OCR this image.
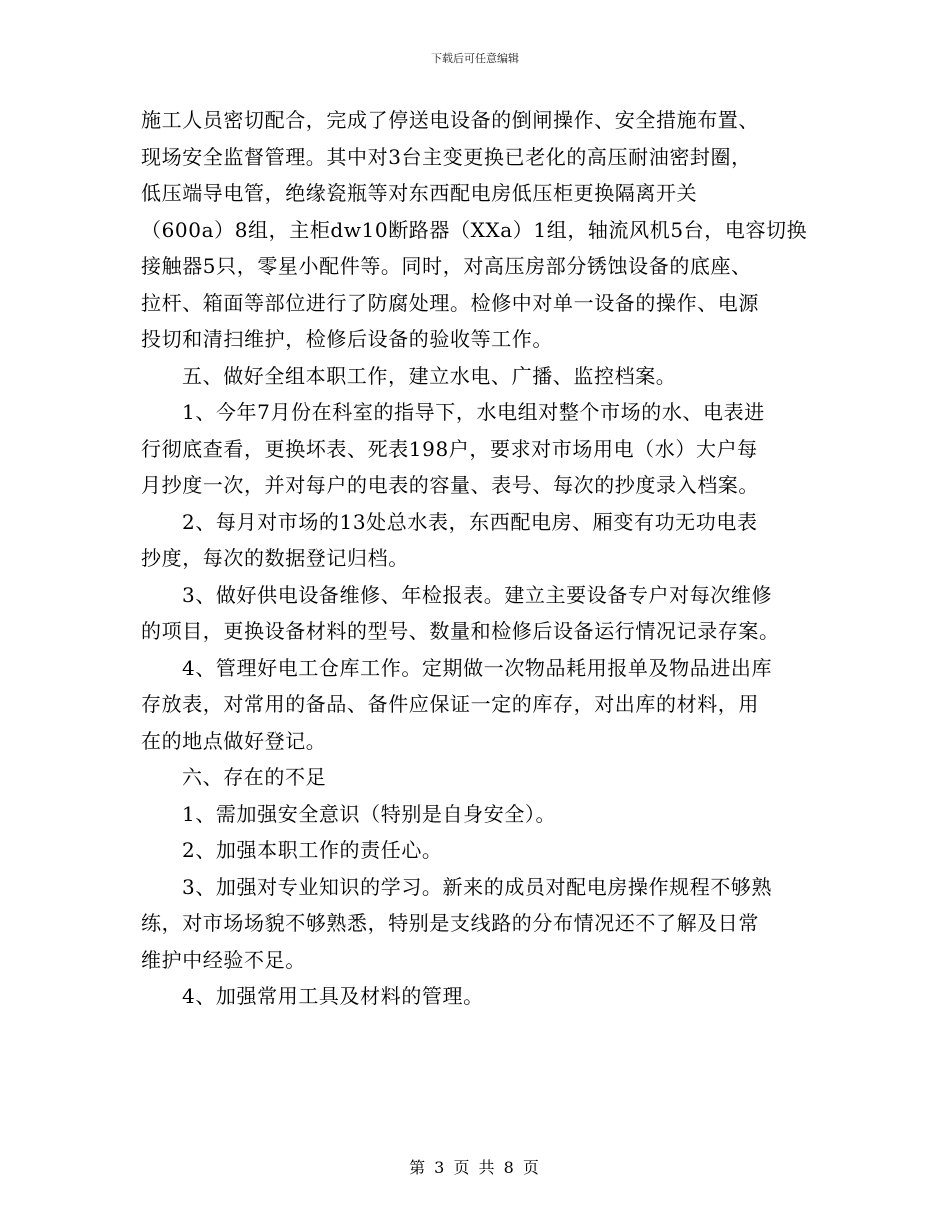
下载后可任意编辑
施工人员密切配合，完成了停送电设备的倒闸操作、安全措施布置、
现场安全监督管理。其中对3台主变更换已老化的高压耐油密封圈，
低压端导电管，绝缘瓷瓶等对东西配电房低压柜更换隔离开关
（600a）8组，主柜dw10断路器（XXa）1组，轴流风机5台，电容切换
接触器5只，零星小配件等。同时，对高压房部分锈蚀设备的底座、
拉杆、箱面等部位进行了防腐处理。检修中对单一设备的操作、电源
投切和清扫维护，检修后设备的验收等工作。
五、做好全组本职工作，建立水电、广播、监控档案。
1、今年7月份在科室的指导下，水电组对整个市场的水、电表进
行彻底查看，更换坏表、死表198户，要求对市场用电（水）大户每
月抄度一次，并对每户的电表的容量、表号、每次的抄度录入档案。
2、每月对市场的13处总水表，东西配电房、厢变有功无功电表
抄度，每次的数据登记归档。
3、做好供电设备维修、年检报表。建立主要设备专户对每次维修
的项目，更换设备材料的型号、数量和检修后设备运行情况记录存案。
4、管理好电工仓库工作。定期做一次物品耗用报单及物品进出库
存放表，对常用的备品、备件应保证一定的库存，对出库的材料，用
在的地点做好登记。
六、存在的不足
1、需加强安全意识（特别是自身安全）。
2、加强本职工作的责任心。
3、加强对专业知识的学习。新来的成员对配电房操作规程不够熟
练，对市场场貌不够熟悉，特别是支线路的分布情况还不了解及日常
维护中经验不足。
4、加强常用工具及材料的管理。
第 3 页 共 8 页
